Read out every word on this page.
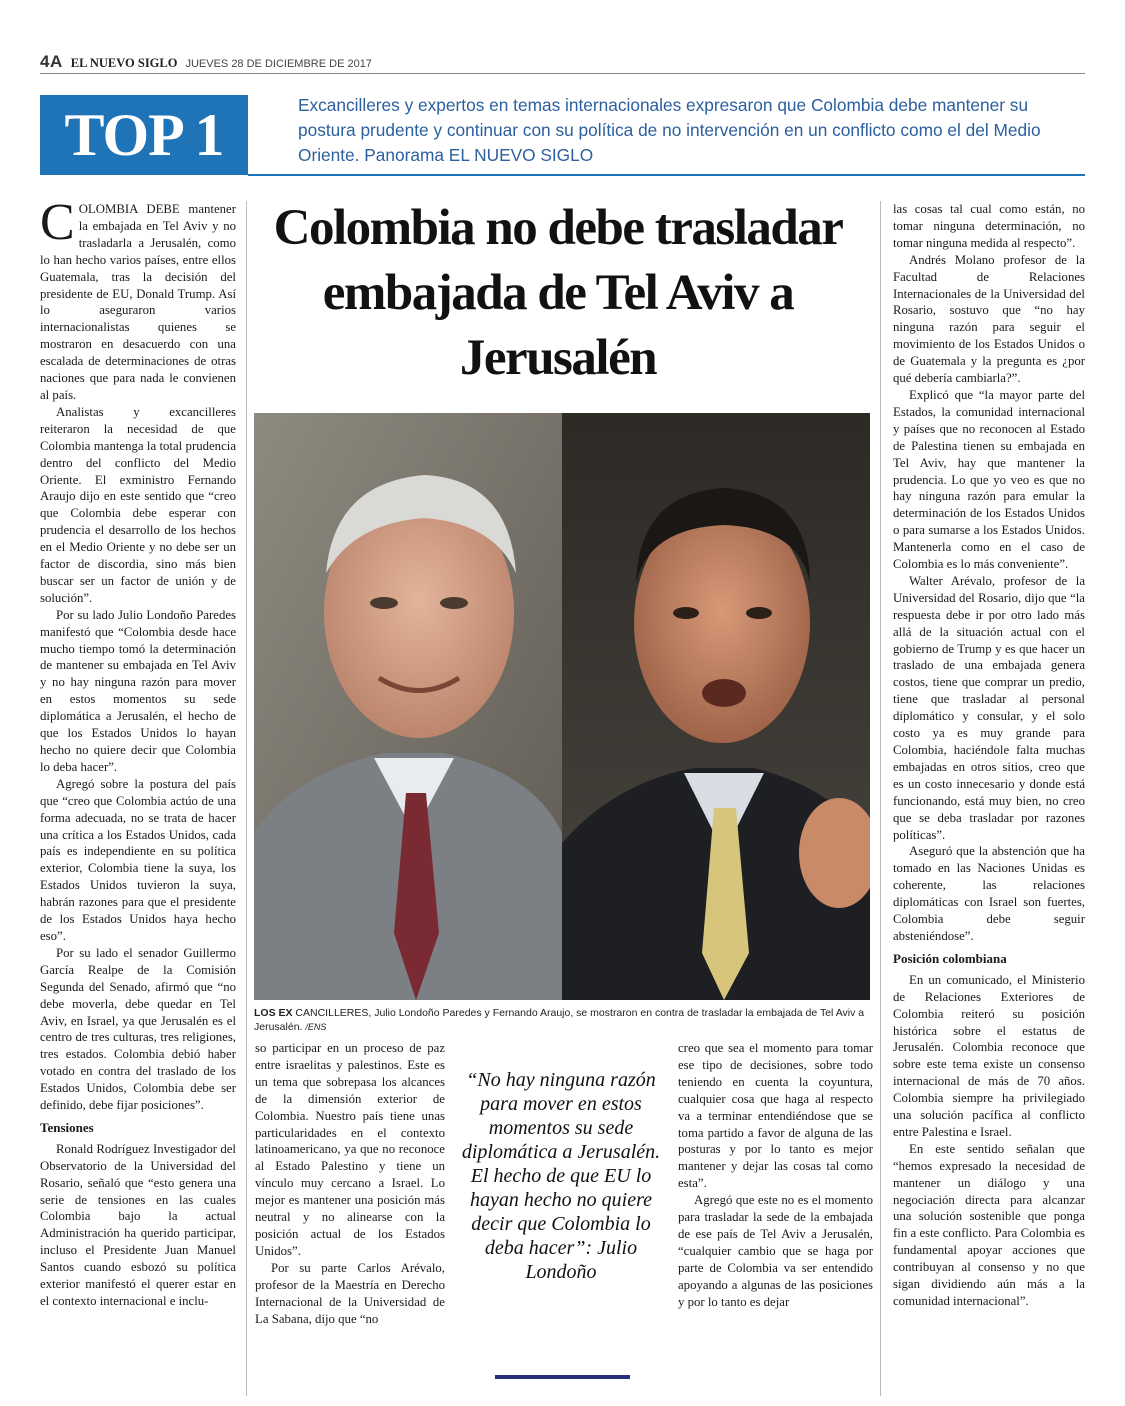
4A EL NUEVO SIGLO JUEVES 28 DE DICIEMBRE DE 2017
TOP 1	Excancilleres y expertos en temas internacionales expresaron que Colombia debe mantener su postura prudente y continuar con su política de no intervención en un conflicto como el del Medio Oriente. Panorama EL NUEVO SIGLO

COLOMBIA DEBE mantener la embajada en Tel Aviv y no trasladarla a Jerusalén, como lo han hecho varios países, entre ellos Guatemala, tras la decisión del presidente de EU, Donald Trump. Así lo aseguraron varios internacionalistas quienes se mostraron en desacuerdo con una escalada de determinaciones de otras naciones que para nada le convienen al país.

Analistas y excancilleres reiteraron la necesidad de que Colombia mantenga la total prudencia dentro del conflicto del Medio Oriente. El exministro Fernando Araujo dijo en este sentido que “creo que Colombia debe esperar con prudencia el desarrollo de los hechos en el Medio Oriente y no debe ser un factor de discordia, sino más bien buscar ser un factor de unión y de solución”.

Por su lado Julio Londoño Paredes manifestó que “Colombia desde hace mucho tiempo tomó la determinación de mantener su embajada en Tel Aviv y no hay ninguna razón para mover en estos momentos su sede diplomática a Jerusalén, el hecho de que los Estados Unidos lo hayan hecho no quiere decir que Colombia lo deba hacer”.

Agregó sobre la postura del país que “creo que Colombia actúo de una forma adecuada, no se trata de hacer una crítica a los Estados Unidos, cada país es independiente en su política exterior, Colombia tiene la suya, los Estados Unidos tuvieron la suya, habrán razones para que el presidente de los Estados Unidos haya hecho eso”.

Por su lado el senador Guillermo García Realpe de la Comisión Segunda del Senado, afirmó que “no debe moverla, debe quedar en Tel Aviv, en Israel, ya que Jerusalén es el centro de tres culturas, tres religiones, tres estados. Colombia debió haber votado en contra del traslado de los Estados Unidos, Colombia debe ser definido, debe fijar posiciones”.

Tensiones

Ronald Rodríguez Investigador del Observatorio de la Universidad del Rosario, señaló que “esto genera una serie de tensiones en las cuales Colombia bajo la actual Administración ha querido participar, incluso el Presidente Juan Manuel Santos cuando esbozó su política exterior manifestó el querer estar en el contexto internacional e inclu-

Colombia no debe trasladar embajada de Tel Aviv a Jerusalén
LOS EX CANCILLERES, Julio Londoño Paredes y Fernando Araujo, se mostraron en contra de trasladar la embajada de Tel Aviv a Jerusalén. /ENS

so participar en un proceso de paz entre israelitas y palestinos. Este es un tema que sobrepasa los alcances de la dimensión exterior de Colombia. Nuestro país tiene unas particularidades en el contexto latinoamericano, ya que no reconoce al Estado Palestino y tiene un vínculo muy cercano a Israel. Lo mejor es mantener una posición más neutral y no alinearse con la posición actual de los Estados Unidos”.

Por su parte Carlos Arévalo, profesor de la Maestría en Derecho Internacional de la Universidad de La Sabana, dijo que “no

“No hay ninguna razón para mover en estos momentos su sede diplomática a Jerusalén. El hecho de que EU lo hayan hecho no quiere decir que Colombia lo deba hacer”: Julio Londoño

creo que sea el momento para tomar ese tipo de decisiones, sobre todo teniendo en cuenta la coyuntura, cualquier cosa que haga al respecto va a terminar entendiéndose que se toma partido a favor de alguna de las posturas y por lo tanto es mejor mantener y dejar las cosas tal como esta”.

Agregó que este no es el momento para trasladar la sede de la embajada de ese país de Tel Aviv a Jerusalén, “cualquier cambio que se haga por parte de Colombia va ser entendido apoyando a algunas de las posiciones y por lo tanto es dejar

las cosas tal cual como están, no tomar ninguna determinación, no tomar ninguna medida al respecto”.

Andrés Molano profesor de la Facultad de Relaciones Internacionales de la Universidad del Rosario, sostuvo que “no hay ninguna razón para seguir el movimiento de los Estados Unidos o de Guatemala y la pregunta es ¿por qué debería cambiarla?”.

Explicó que “la mayor parte del Estados, la comunidad internacional y países que no reconocen al Estado de Palestina tienen su embajada en Tel Aviv, hay que mantener la prudencia. Lo que yo veo es que no hay ninguna razón para emular la determinación de los Estados Unidos o para sumarse a los Estados Unidos. Mantenerla como en el caso de Colombia es lo más conveniente”.

Walter Arévalo, profesor de la Universidad del Rosario, dijo que “la respuesta debe ir por otro lado más allá de la situación actual con el gobierno de Trump y es que hacer un traslado de una embajada genera costos, tiene que comprar un predio, tiene que trasladar al personal diplomático y consular, y el solo costo ya es muy grande para Colombia, haciéndole falta muchas embajadas en otros sitios, creo que es un costo innecesario y donde está funcionando, está muy bien, no creo que se deba trasladar por razones políticas”.

Aseguró que la abstención que ha tomado en las Naciones Unidas es coherente, las relaciones diplomáticas con Israel son fuertes, Colombia debe seguir absteniéndose”.

Posición colombiana

En un comunicado, el Ministerio de Relaciones Exteriores de Colombia reiteró su posición histórica sobre el estatus de Jerusalén. Colombia reconoce que sobre este tema existe un consenso internacional de más de 70 años. Colombia siempre ha privilegiado una solución pacífica al conflicto entre Palestina e Israel.

En este sentido señalan que “hemos expresado la necesidad de mantener un diálogo y una negociación directa para alcanzar una solución sostenible que ponga fin a este conflicto. Para Colombia es fundamental apoyar acciones que contribuyan al consenso y no que sigan dividiendo aún más a la comunidad internacional”.
